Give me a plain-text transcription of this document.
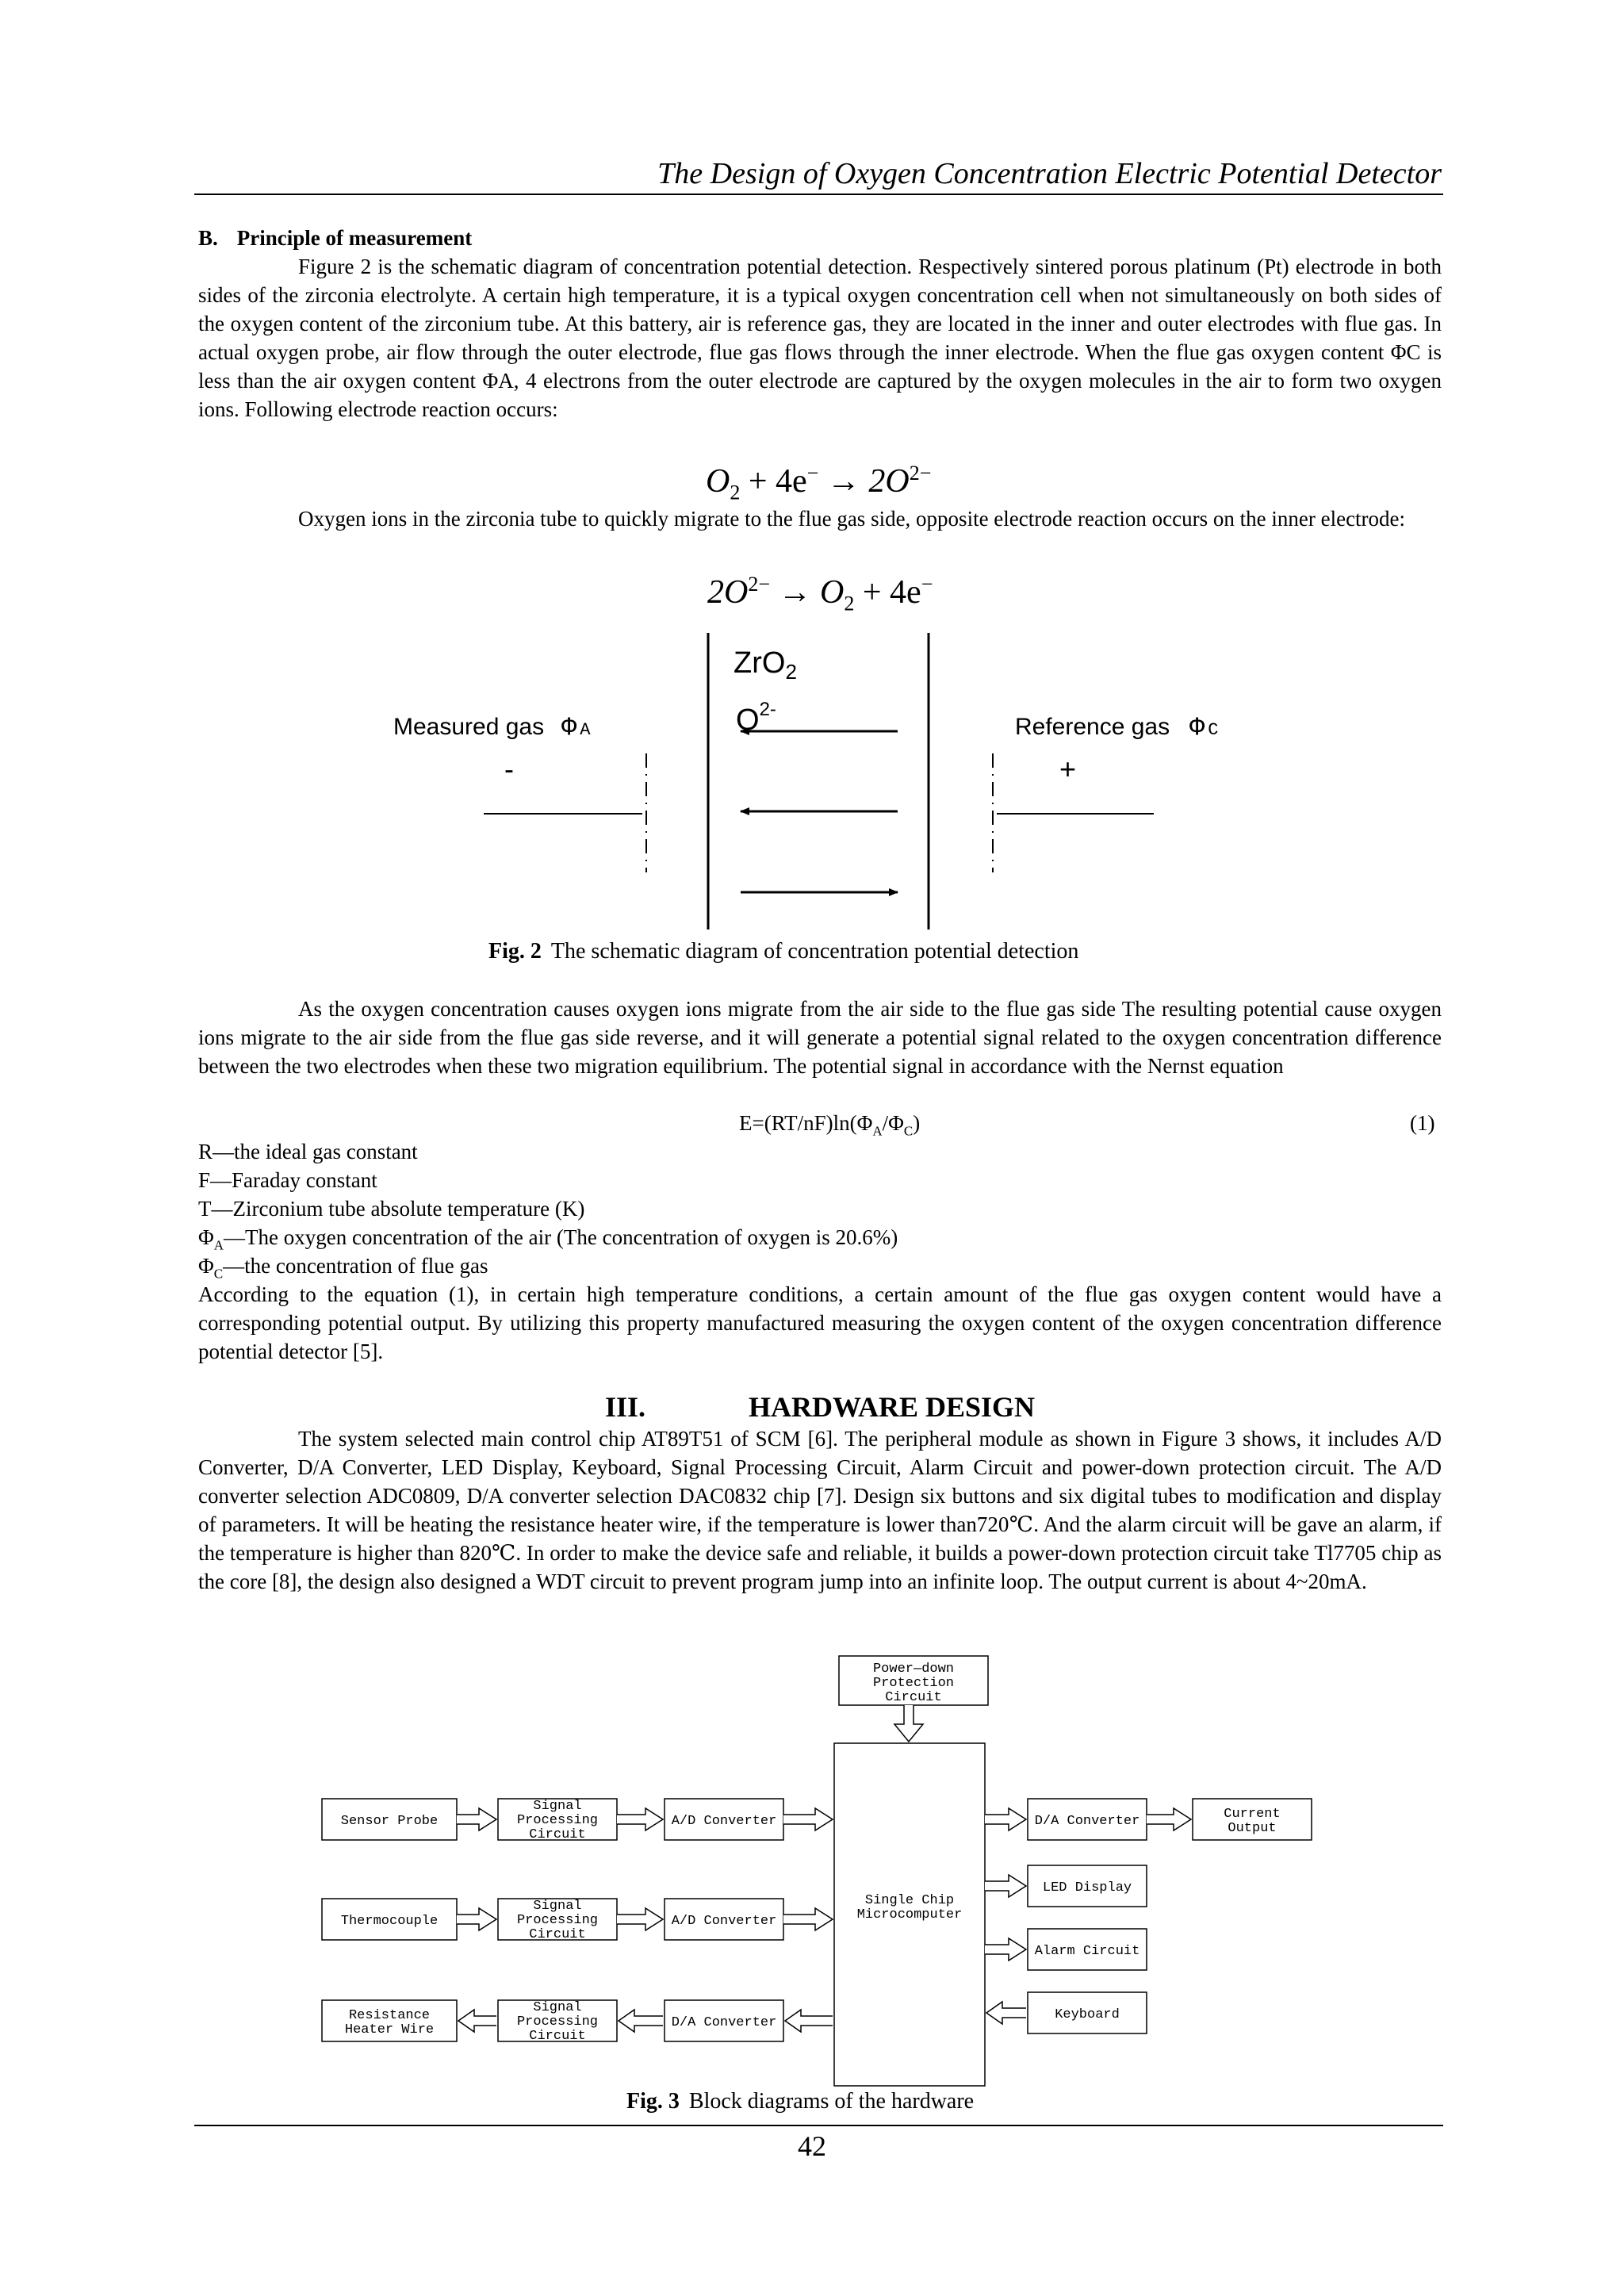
The Design of Oxygen Concentration Electric Potential Detector
B. Principle of measurement
Figure 2 is the schematic diagram of concentration potential detection. Respectively sintered porous platinum (Pt) electrode in both sides of the zirconia electrolyte. A certain high temperature, it is a typical oxygen concentration cell when not simultaneously on both sides of the oxygen content of the zirconium tube. At this battery, air is reference gas, they are located in the inner and outer electrodes with flue gas. In actual oxygen probe, air flow through the outer electrode, flue gas flows through the inner electrode. When the flue gas oxygen content ΦC is less than the air oxygen content ΦA, 4 electrons from the outer electrode are captured by the oxygen molecules in the air to form two oxygen ions. Following electrode reaction occurs:
$O_2 + 4e^- \to 2O^{2-}$
Oxygen ions in the zirconia tube to quickly migrate to the flue gas side, opposite electrode reaction occurs on the inner electrode:
$2O^{2-} \to O_2 + 4e^-$
ZrO$_2$
$O^{2-}$
Measured gas Φ A	Reference gas Φ C
-	+
Fig. 2 The schematic diagram of concentration potential detection
As the oxygen concentration causes oxygen ions migrate from the air side to the flue gas side The resulting potential cause oxygen ions migrate to the air side from the flue gas side reverse, and it will generate a potential signal related to the oxygen concentration difference between the two electrodes when these two migration equilibrium. The potential signal in accordance with the Nernst equation
$E=(RT/nF)\ln(\Phi_A/\Phi_C)$	(1)
R—the ideal gas constant
F—Faraday constant
T—Zirconium tube absolute temperature (K)
$\Phi_A—The$ oxygen concentration of the air (The concentration of oxygen is 20.6%)
$\Phi_C—the$ concentration of flue gas
According to the equation (1), in certain high temperature conditions, a certain amount of the flue gas oxygen content would have a corresponding potential output. By utilizing this property manufactured measuring the oxygen content of the oxygen concentration difference potential detector [5].
III.	HARDWARE DESIGN
The system selected main control chip AT89T51 of SCM [6]. The peripheral module as shown in Figure 3 shows, it includes A/D Converter, D/A Converter, LED Display, Keyboard, Signal Processing Circuit, Alarm Circuit and power-down protection circuit. The A/D converter selection ADC0809, D/A converter selection DAC0832 chip [7]. Design six buttons and six digital tubes to modification and display of parameters. It will be heating the resistance heater wire, if the temperature is lower than720℃. And the alarm circuit will be gave an alarm, if the temperature is higher than 820℃. In order to make the device safe and reliable, it builds a power-down protection circuit take Tl7705 chip as the core [8], the design also designed a WDT circuit to prevent program jump into an infinite loop. The output current is about 4~20mA.
Power—down
Protection
Circuit
Single Chip
Microcomputer
Sensor Probe
Signal
Processing
Circuit
A/D Converter	D/A Converter	Current
Output
Thermocouple
Signal
Processing
Circuit
A/D Converter
LED Display
Alarm Circuit
Resistance
Heater Wire
Signal
Processing
Circuit
D/A Converter
Keyboard
Fig. 3 Block diagrams of the hardware
42
